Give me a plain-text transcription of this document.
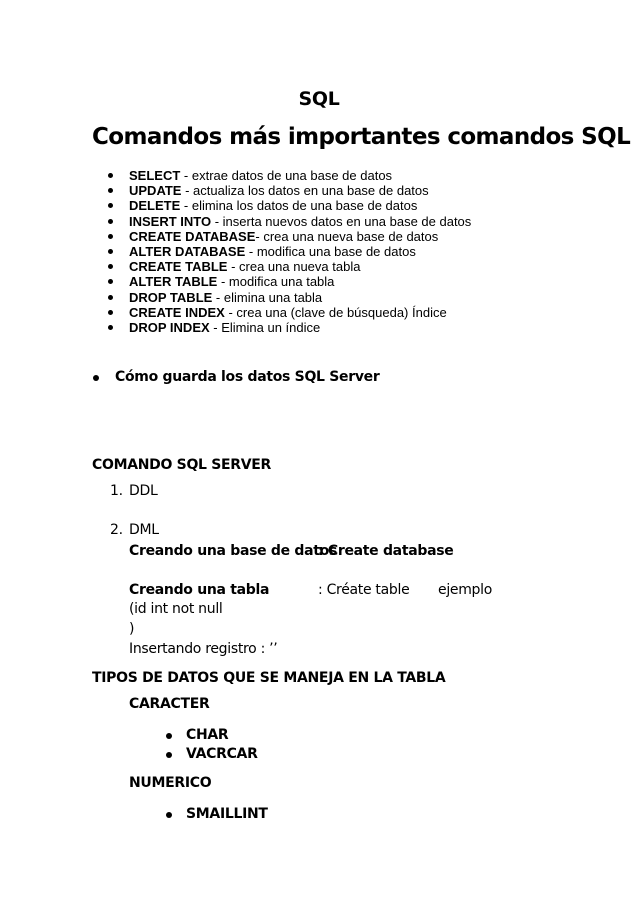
SQL
Comandos más importantes comandos SQL
SELECT - extrae datos de una base de datos
UPDATE - actualiza los datos en una base de datos
DELETE - elimina los datos de una base de datos
INSERT INTO - inserta nuevos datos en una base de datos
CREATE DATABASE- crea una nueva base de datos
ALTER DATABASE - modifica una base de datos
CREATE TABLE - crea una nueva tabla
ALTER TABLE - modifica una tabla
DROP TABLE - elimina una tabla
CREATE INDEX - crea una (clave de búsqueda) Índice
DROP INDEX - Elimina un índice
Cómo guarda los datos SQL Server
COMANDO SQL SERVER
1. DDL
2. DML
Creando una base de datos
: Create database
Creando una tabla	: Créate table ejemplo
(id int not null
)
Insertando registro : ’’
TIPOS DE DATOS QUE SE MANEJA EN LA TABLA
CARACTER
CHAR
VACRCAR
NUMERICO
SMAILLINT
